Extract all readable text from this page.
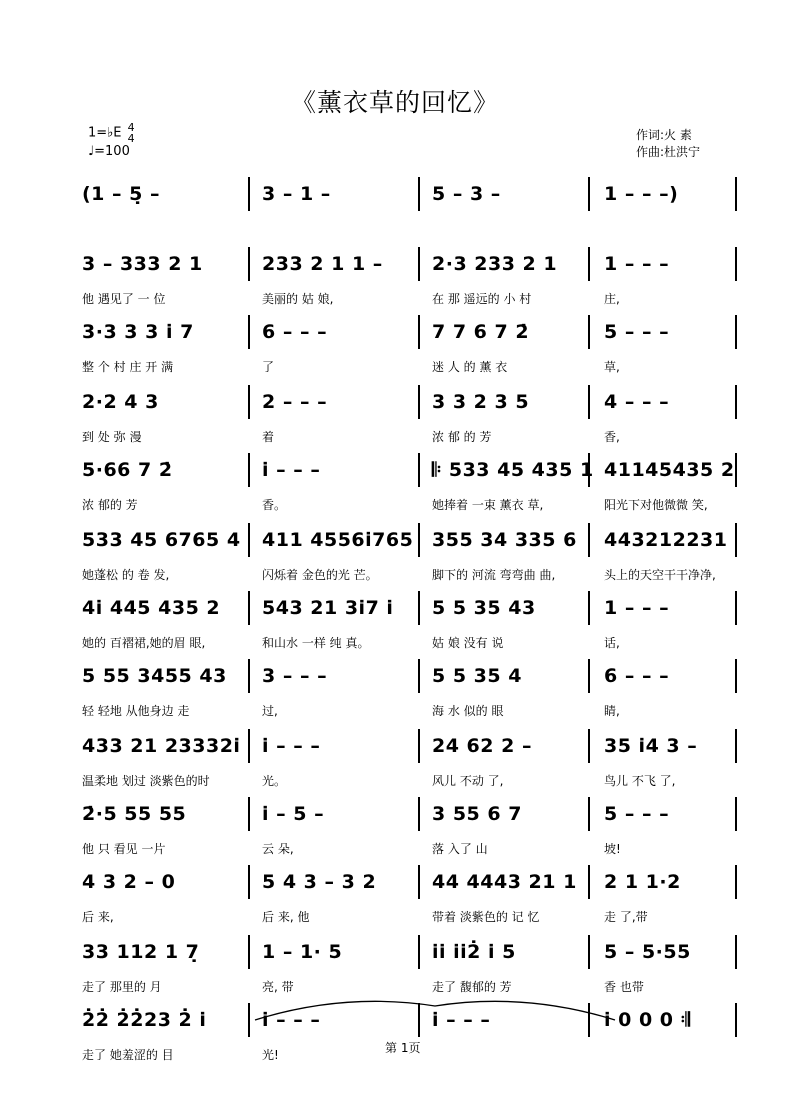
《薰衣草的回忆》
1=♭E 4
4
♩=100
作词:火 素
作曲:杜洪宁
(1 – 5̣ –	3 – 1 –	5 – 3 –	1 – – –)
3 – 333 2 1
他 遇见了 一 位
233 2 1 1 –
美丽的 姑 娘,
2·3 233 2 1
在 那 遥远的 小 村
1 – – –
庄,
3·3 3 3 i̇ 7
整 个 村 庄 开 满
6 – – –
了
7 7 6 7 2̇
迷 人 的 薰 衣
5 – – –
草,
2·2 4 3
到 处 弥 漫
2 – – –
着
3 3 2 3 5
浓 郁 的 芳
4 – – –
香,
5·66 7 2̇
浓 郁的 芳
i̇ – – –
香。
𝄆 533 45 435 1
她捧着 一束 薰衣 草,
41145435 2
阳光下对他微微 笑,
533 45 6765 4
她蓬松 的 卷 发,
411 4556i̇765
闪烁着 金色的光 芒。
355 34 335 6
脚下的 河流 弯弯曲 曲,
443212231
头上的天空干干净净,
4i̇ 445 435 2
她的 百褶裙,她的眉 眼,
543 21 3i̇7 i̇
和山水 一样 纯 真。
5 5 35 43
姑 娘 没有 说
1 – – –
话,
5 55 3455 43
轻 轻地 从他身边 走
3 – – –
过,
5 5 35 4
海 水 似的 眼
6 – – –
睛,
433 21 23332i̇
温柔地 划过 淡紫色的时
i̇ – – –
光。
24 62 2 –
风儿 不动 了,
35 i̇4 3 –
鸟儿 不飞 了,
2̇·5 55 55
他 只 看见 一片
i̇ – 5 –
云 朵,
3 55 6 7
落 入了 山
5 – – –
坡!
4 3 2 – 0
后 来,
5 4 3 – 3 2
后 来, 他
44 4443 21 1
带着 淡紫色的 记 忆
2 1 1·2
走 了,带
33 112 1 7̣
走了 那里的 月
1 – 1· 5
亮, 带
i̇i̇ i̇i̇2̇ i̇ 5
走了 馥郁的 芳
5 – 5·55
香 也带
2̇2̇ 2̇2̇23 2̇ i̇
走了 她羞涩的 目
i̇ – – –
光!
i̇ – – –	i̇ 0 0 0 𝄇
第 1页
